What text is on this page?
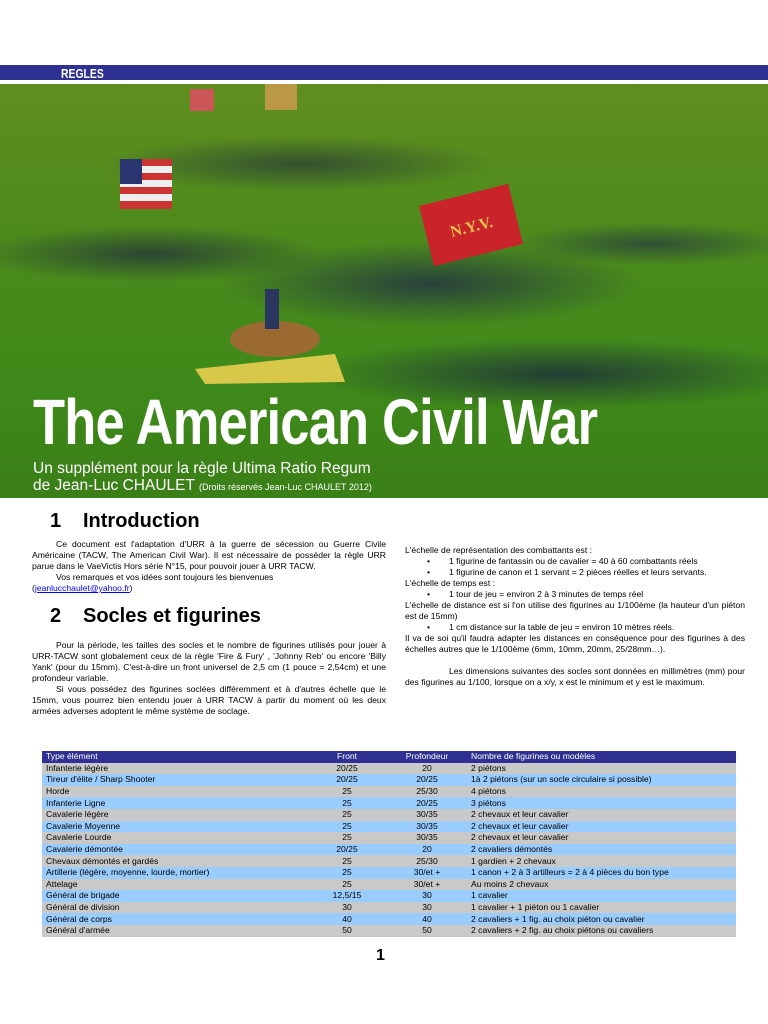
REGLES
N.Y.V.
The American Civil War
Un supplément pour la règle Ultima Ratio Regum
de Jean-Luc CHAULET (Droits réservés Jean-Luc CHAULET 2012)
1 Introduction

Ce document est l'adaptation d'URR à la guerre de sécession ou Guerre Civile Américaine (TACW, The American Civil War). Il est nécessaire de posséder la règle URR parue dans le VaeVictis Hors série N°15, pour pouvoir jouer à URR TACW.

Vos remarques et vos idées sont toujours les bienvenues

(jeanlucchaulet@yahoo.fr)

2 Socles et figurines

Pour la période, les tailles des socles et le nombre de figurines utilisés pour jouer à URR-TACW sont globalement ceux de la règle 'Fire & Fury' , 'Johnny Reb' ou encore 'Billy Yank' (pour du 15mm). C'est-à-dire un front universel de 2,5 cm (1 pouce = 2,54cm) et une profondeur variable.

Si vous possédez des figurines soclées différemment et à d'autres échelle que le 15mm, vous pourrez bien entendu jouer à URR TACW à partir du moment où les deux armées adverses adoptent le même système de soclage.

L'échelle de représentation des combattants est :
• 1 figurine de fantassin ou de cavalier = 40 à 60 combattants réels
• 1 figurine de canon et 1 servant = 2 pièces réelles et leurs servants.
L'échelle de temps est :
• 1 tour de jeu = environ 2 à 3 minutes de temps réel
L'échelle de distance est si l'on utilise des figurines au 1/100ème (la hauteur d'un piéton est de 15mm)
• 1 cm distance sur la table de jeu = environ 10 mètres réels.
Il va de soi qu'il faudra adapter les distances en conséquence pour des figurines à des échelles autres que le 1/100ème (6mm, 10mm, 20mm, 25/28mm…).

Les dimensions suivantes des socles sont données en millimètres (mm) pour des figurines au 1/100, lorsque on a x/y, x est le minimum et y est le maximum.

Type élément	Front	Profondeur	Nombre de figurines ou modèles
Infanterie légère	20/25	20	2 piétons
Tireur d'élite / Sharp Shooter	20/25	20/25	1à 2 piétons (sur un socle circulaire si possible)
Horde	25	25/30	4 piétons
Infanterie Ligne	25	20/25	3 piétons
Cavalerie légère	25	30/35	2 chevaux et leur cavalier
Cavalerie Moyenne	25	30/35	2 chevaux et leur cavalier
Cavalerie Lourde	25	30/35	2 chevaux et leur cavalier
Cavalerie démontée	20/25	20	2 cavaliers démontés
Chevaux démontés et gardés	25	25/30	1 gardien + 2 chevaux
Artillerie (légère, moyenne, lourde, mortier)	25	30/et +	1 canon + 2 à 3 artilleurs = 2 à 4 pièces du bon type
Attelage	25	30/et +	Au moins 2 chevaux
Général de brigade	12,5/15	30	1 cavalier
Général de division	30	30	1 cavalier + 1 piéton ou 1 cavalier
Général de corps	40	40	2 cavaliers + 1 fig. au choix piéton ou cavalier
Général d'armée	50	50	2 cavaliers + 2 fig. au choix piétons ou cavaliers
1
